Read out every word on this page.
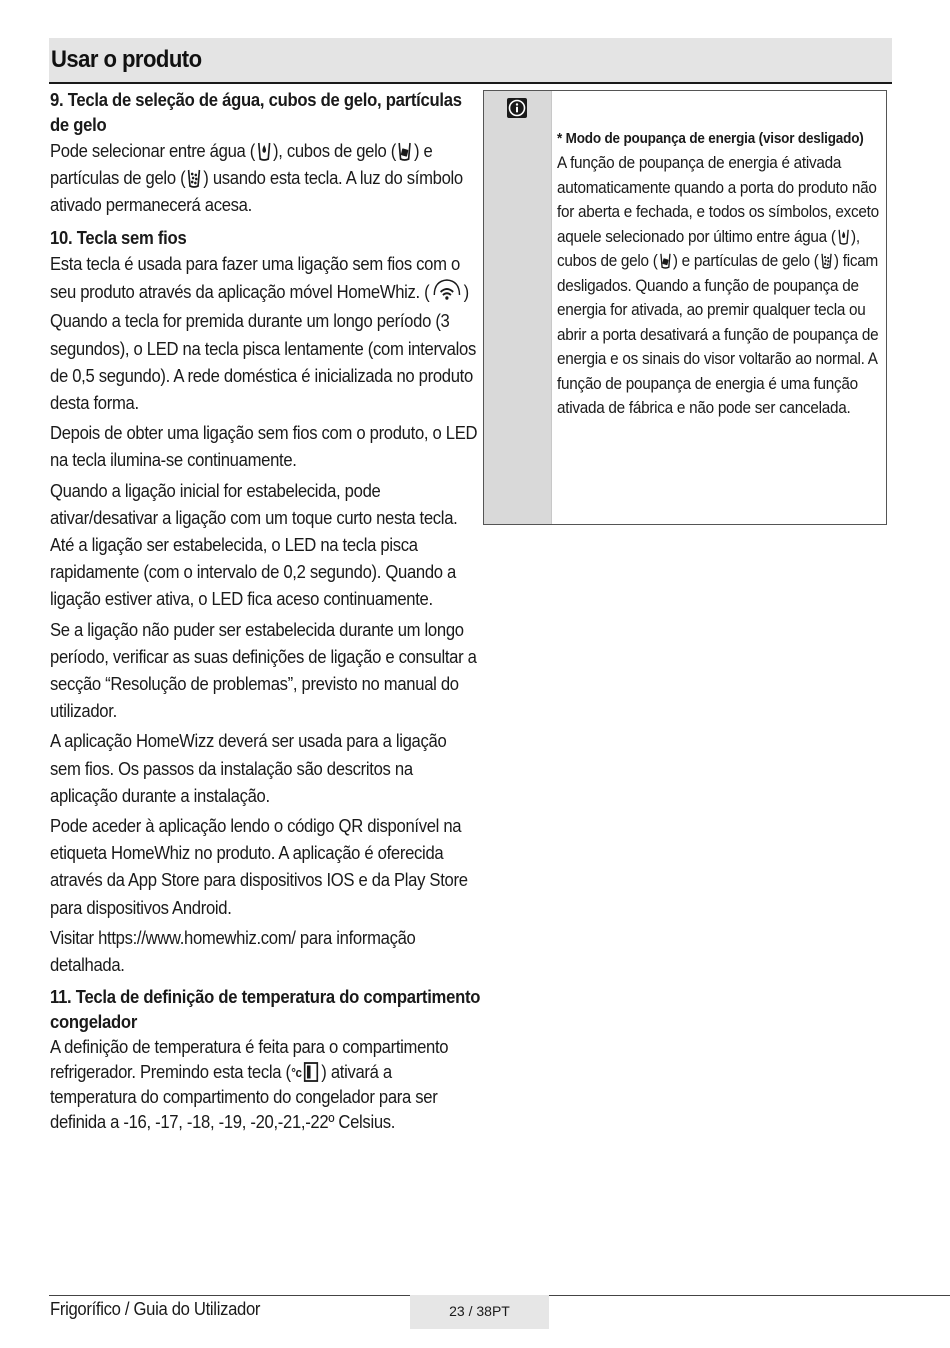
Usar o produto

9. Tecla de seleção de água, cubos de gelo, partículas de gelo

Pode selecionar entre água ( ), cubos de gelo ( ) e partículas de gelo ( ) usando esta tecla. A luz do símbolo ativado permanecerá acesa.

10. Tecla sem fios

Esta tecla é usada para fazer uma ligação sem fios com o seu produto através da aplicação móvel HomeWhiz. ( ) Quando a tecla for premida durante um longo período (3 segundos), o LED na tecla pisca lentamente (com intervalos de 0,5 segundo). A rede doméstica é inicializada no produto desta forma.

Depois de obter uma ligação sem fios com o produto, o LED na tecla ilumina-se continuamente.

Quando a ligação inicial for estabelecida, pode ativar/desativar a ligação com um toque curto nesta tecla. Até a ligação ser estabelecida, o LED na tecla pisca rapidamente (com o intervalo de 0,2 segundo). Quando a ligação estiver ativa, o LED fica aceso continuamente.

Se a ligação não puder ser estabelecida durante um longo período, verificar as suas definições de ligação e consultar a secção “Resolução de problemas”, previsto no manual do utilizador.

A aplicação HomeWizz deverá ser usada para a ligação sem fios. Os passos da instalação são descritos na aplicação durante a instalação.

Pode aceder à aplicação lendo o código QR disponível na etiqueta HomeWhiz no produto. A aplicação é oferecida através da App Store para dispositivos IOS e da Play Store para dispositivos Android.

Visitar https://www.homewhiz.com/ para informação detalhada.

11. Tecla de definição de temperatura do compartimento congelador

A definição de temperatura é feita para o compartimento refrigerador. Premindo esta tecla ( °c ) ativará a temperatura do compartimento do congelador para ser definida a -16, -17, -18, -19, -20,-21,-22º Celsius.

* Modo de poupança de energia (visor desligado)

A função de poupança de energia é ativada automaticamente quando a porta do produto não for aberta e fechada, e todos os símbolos, exceto aquele selecionado por último entre água ( ), cubos de gelo ( ) e partículas de gelo ( ) ficam desligados. Quando a função de poupança de energia for ativada, ao premir qualquer tecla ou abrir a porta desativará a função de poupança de energia e os sinais do visor voltarão ao normal. A função de poupança de energia é uma função ativada de fábrica e não pode ser cancelada.

Frigorífico / Guia do Utilizador	23 / 38PT
